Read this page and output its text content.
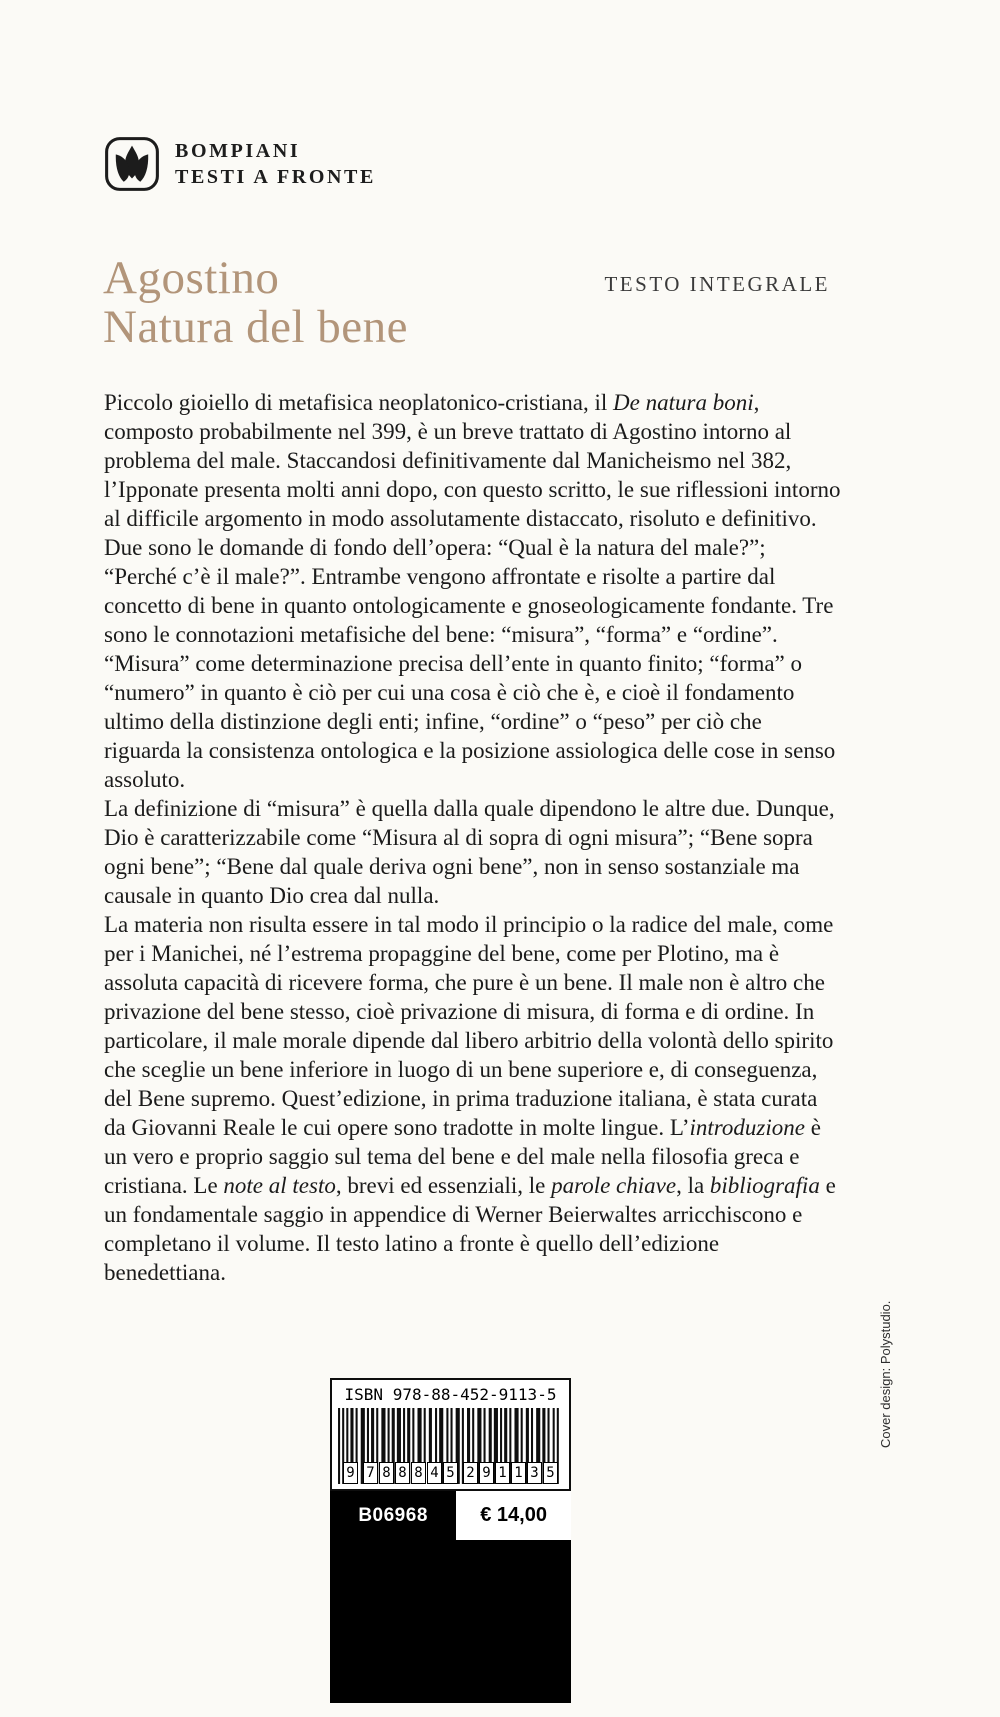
BOMPIANI
TESTI A FRONTE
Agostino
Natura del bene
TESTO INTEGRALE

Piccolo gioiello di metafisica neoplatonico-cristiana, il De natura boni, composto probabilmente nel 399, è un breve trattato di Agostino intorno al problema del male. Staccandosi definitivamente dal Manicheismo nel 382, l’Ipponate presenta molti anni dopo, con questo scritto, le sue riflessioni intorno al difficile argomento in modo assolutamente distaccato, risoluto e definitivo. Due sono le domande di fondo dell’opera: “Qual è la natura del male?”; “Perché c’è il male?”. Entrambe vengono affrontate e risolte a partire dal concetto di bene in quanto ontologicamente e gnoseologicamente fondante. Tre sono le connotazioni metafisiche del bene: “misura”, “forma” e “ordine”. “Misura” come determinazione precisa dell’ente in quanto finito; “forma” o “numero” in quanto è ciò per cui una cosa è ciò che è, e cioè il fondamento ultimo della distinzione degli enti; infine, “ordine” o “peso” per ciò che riguarda la consistenza ontologica e la posizione assiologica delle cose in senso assoluto.

La definizione di “misura” è quella dalla quale dipendono le altre due. Dunque, Dio è caratterizzabile come “Misura al di sopra di ogni misura”; “Bene sopra ogni bene”; “Bene dal quale deriva ogni bene”, non in senso sostanziale ma causale in quanto Dio crea dal nulla.

La materia non risulta essere in tal modo il principio o la radice del male, come per i Manichei, né l’estrema propaggine del bene, come per Plotino, ma è assoluta capacità di ricevere forma, che pure è un bene. Il male non è altro che privazione del bene stesso, cioè privazione di misura, di forma e di ordine. In particolare, il male morale dipende dal libero arbitrio della volontà dello spirito che sceglie un bene inferiore in luogo di un bene superiore e, di conseguenza, del Bene supremo. Quest’edizione, in prima traduzione italiana, è stata curata da Giovanni Reale le cui opere sono tradotte in molte lingue. L’introduzione è un vero e proprio saggio sul tema del bene e del male nella filosofia greca e cristiana. Le note al testo, brevi ed essenziali, le parole chiave, la bibliografia e un fondamentale saggio in appendice di Werner Beierwaltes arricchiscono e completano il volume. Il testo latino a fronte è quello dell’edizione benedettiana.

ISBN 978-88-452-9113-5
9 7 8 8 8 4 5 2 9 1 1 3 5
B06968	€ 14,00
Cover design: Polystudio.
